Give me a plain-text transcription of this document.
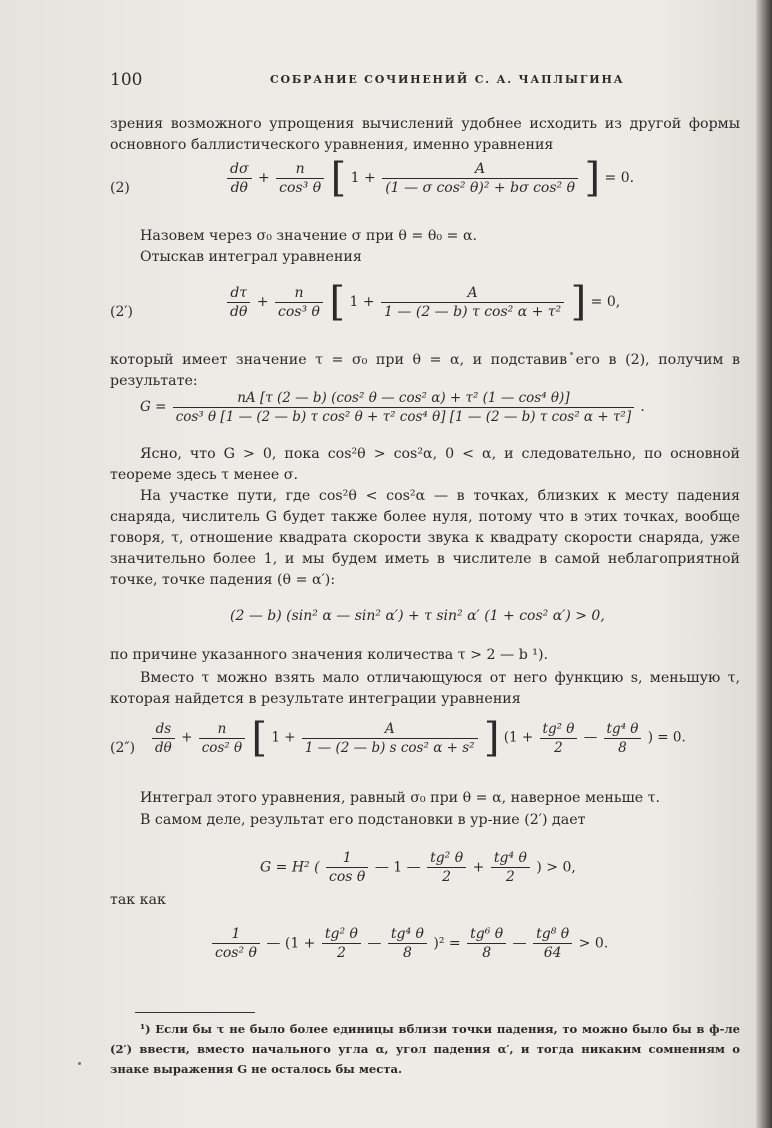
100	СОБРАНИЕ СОЧИНЕНИЙ С. А. ЧАПЛЫГИНА
зрения возможного упрощения вычислений удобнее исходить из другой формы основного баллистического уравнения, именно уравнения
(2)	$\frac{d\sigma}{d\theta} + \frac{n}{\text{cos³ θ}}$ [ $1 + \frac{A}{\text{(1 — σ cos² θ)² + bσ cos² θ}}$ ] = 0.
Назовем через σ₀ значение σ при θ = θ₀ = α.
Отыскав интеграл уравнения
(2′)	$\frac{d\tau}{d\theta} + \frac{n}{\text{cos³ θ}}$ [ $1 + \frac{A}{\text{1 — (2 — b) τ cos² α + τ²}}$ ] = 0,
который имеет значение τ = σ₀ при θ = α, и подставив его в (2), получим в результате:
G =
nA [τ (2 — b) (cos² θ — cos² α) + τ² (1 — cos⁴ θ)]
cos³ θ [1 — (2 — b) τ cos² θ + τ² cos⁴ θ] [1 — (2 — b) τ cos² α + τ²]
.
Ясно, что G > 0, пока cos²θ > cos²α, 0 < α, и следовательно, по основной теореме здесь τ менее σ.
На участке пути, где cos²θ < cos²α — в точках, близких к месту падения снаряда, числитель G будет также более нуля, потому что в этих точках, вообще говоря, τ, отношение квадрата скорости звука к квадрату скорости снаряда, уже значительно более 1, и мы будем иметь в числителе в самой неблагоприятной точке, точке падения (θ = α′):
(2 — b) (sin² α — sin² α′) + τ sin² α′ (1 + cos² α′) > 0,
по причине указанного значения количества τ > 2 — b ¹).
Вместо τ можно взять мало отличающуюся от него функцию s, меньшую τ, которая найдется в результате интеграции уравнения
$(2'') \frac{ds}{d\theta} + \frac{n}{\text{cos² θ}}$ [ $1 + \frac{A}{\text{1 — (2 — b) s cos² α + s²}}$ ] ($1 + \frac{\text{tg² θ}}{2}$ — $\frac{\text{tg⁴ θ}}{8}$ ) = 0.
Интеграл этого уравнения, равный σ₀ при θ = α, наверное меньше τ.
В самом деле, результат его подстановки в ур-ние (2′) дает
G = H² ( $\frac{1}{\text{cos θ}}$ — 1 — $\frac{\text{tg² θ}}{2} + \frac{\text{tg⁴ θ}}{2}$ ) > 0,
так как
$\frac{1}{\text{cos² θ}}$ — ($1 + \frac{\text{tg² θ}}{2}$ — $\frac{\text{tg⁴ θ}}{8} )^2 = \frac{\text{tg⁶ θ}}{8}$ — $\frac{\text{tg⁸ θ}}{64} > 0$.
¹) Если бы τ не было более единицы вблизи точки падения, то можно было бы в ф-ле (2′) ввести, вместо начального угла α, угол падения α′, и тогда никаким сомнениям о знаке выражения G не осталось бы места.
